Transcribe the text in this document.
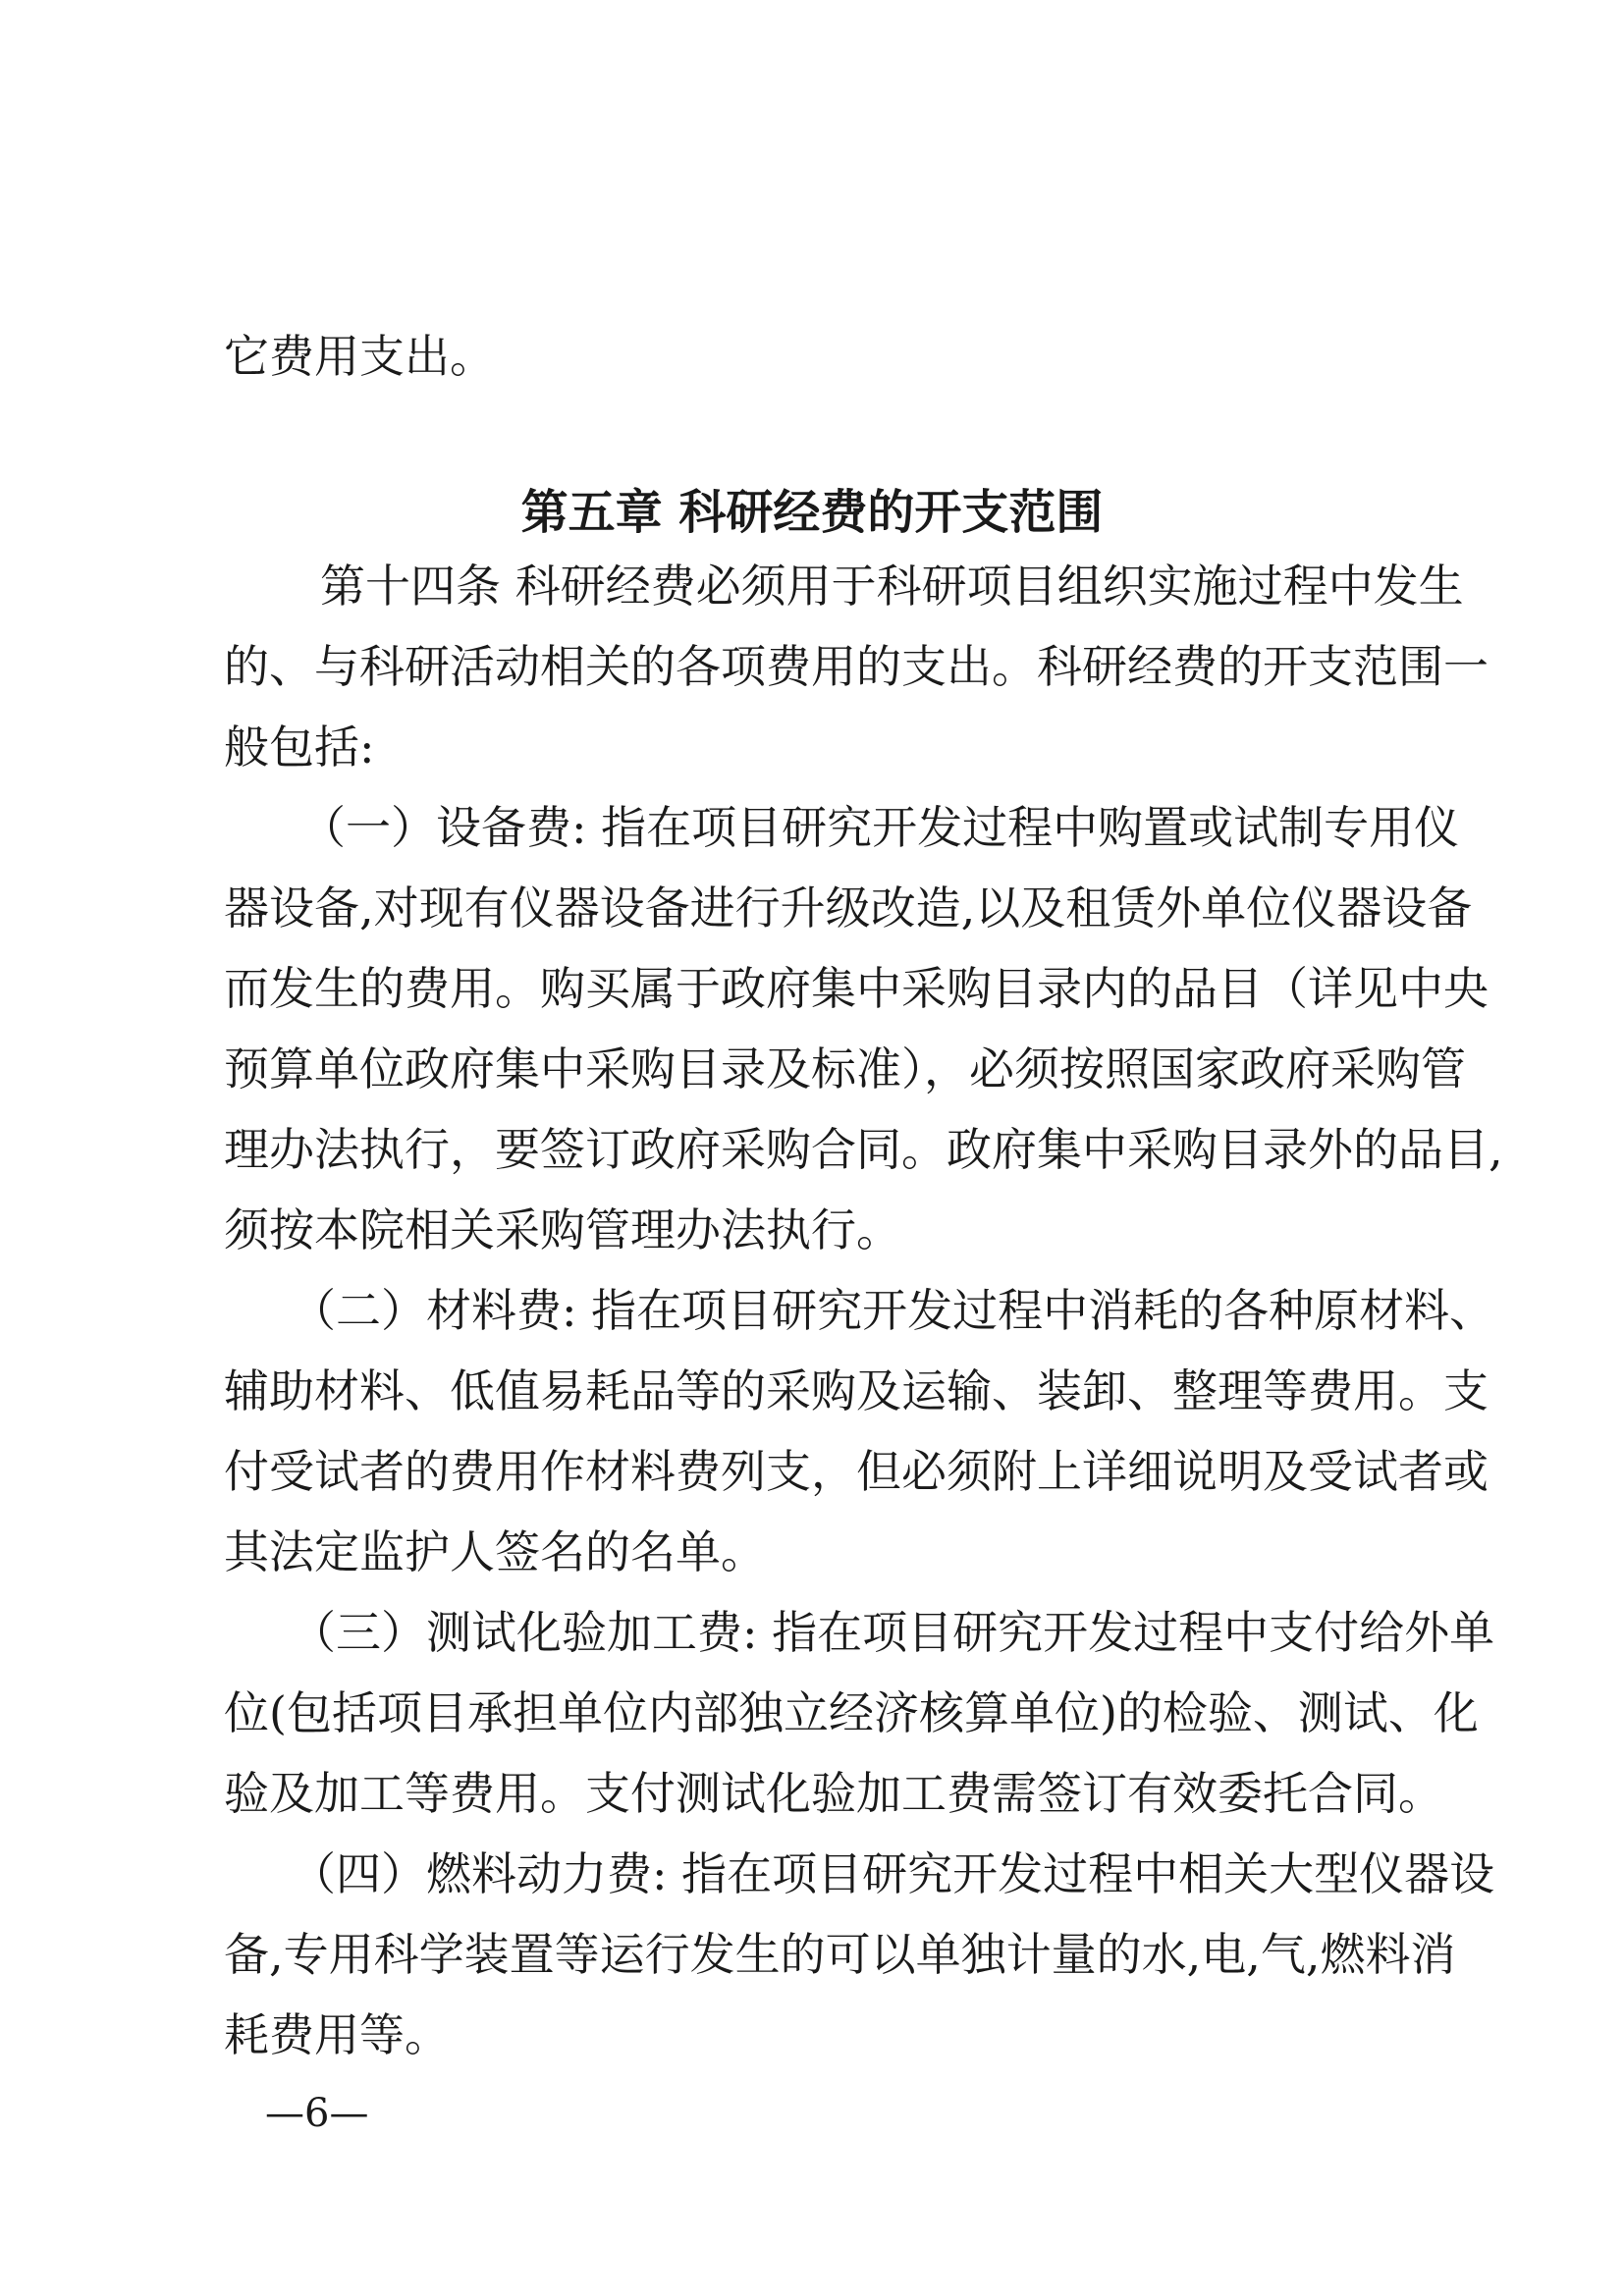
它费用支出。
第五章 科研经费的开支范围
第十四条 科研经费必须用于科研项目组织实施过程中发生
的、与科研活动相关的各项费用的支出。科研经费的开支范围一
般包括:
（一）设备费: 指在项目研究开发过程中购置或试制专用仪
器设备,对现有仪器设备进行升级改造,以及租赁外单位仪器设备
而发生的费用。购买属于政府集中采购目录内的品目（详见中央
预算单位政府集中采购目录及标准），必须按照国家政府采购管
理办法执行，要签订政府采购合同。政府集中采购目录外的品目,
须按本院相关采购管理办法执行。
（二）材料费: 指在项目研究开发过程中消耗的各种原材料、
辅助材料、低值易耗品等的采购及运输、装卸、整理等费用。支
付受试者的费用作材料费列支，但必须附上详细说明及受试者或
其法定监护人签名的名单。
（三）测试化验加工费: 指在项目研究开发过程中支付给外单
位(包括项目承担单位内部独立经济核算单位)的检验、测试、化
验及加工等费用。支付测试化验加工费需签订有效委托合同。
（四）燃料动力费: 指在项目研究开发过程中相关大型仪器设
备,专用科学装置等运行发生的可以单独计量的水,电,气,燃料消
耗费用等。
—6—
